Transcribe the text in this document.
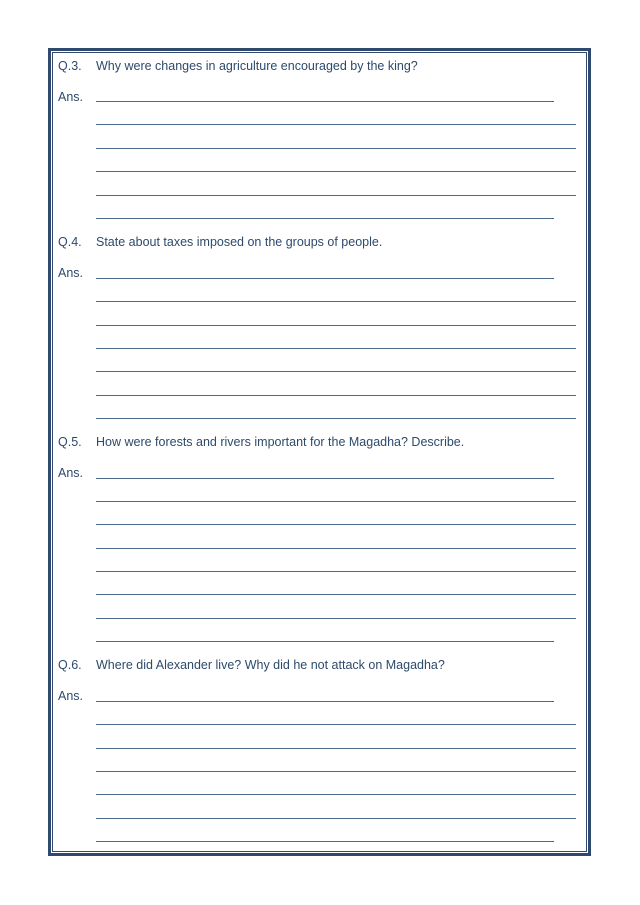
Q.3. Why were changes in agriculture encouraged by the king?
Ans.
Q.4. State about taxes imposed on the groups of people.
Ans.
Q.5. How were forests and rivers important for the Magadha? Describe.
Ans.
Q.6. Where did Alexander live? Why did he not attack on Magadha?
Ans.
